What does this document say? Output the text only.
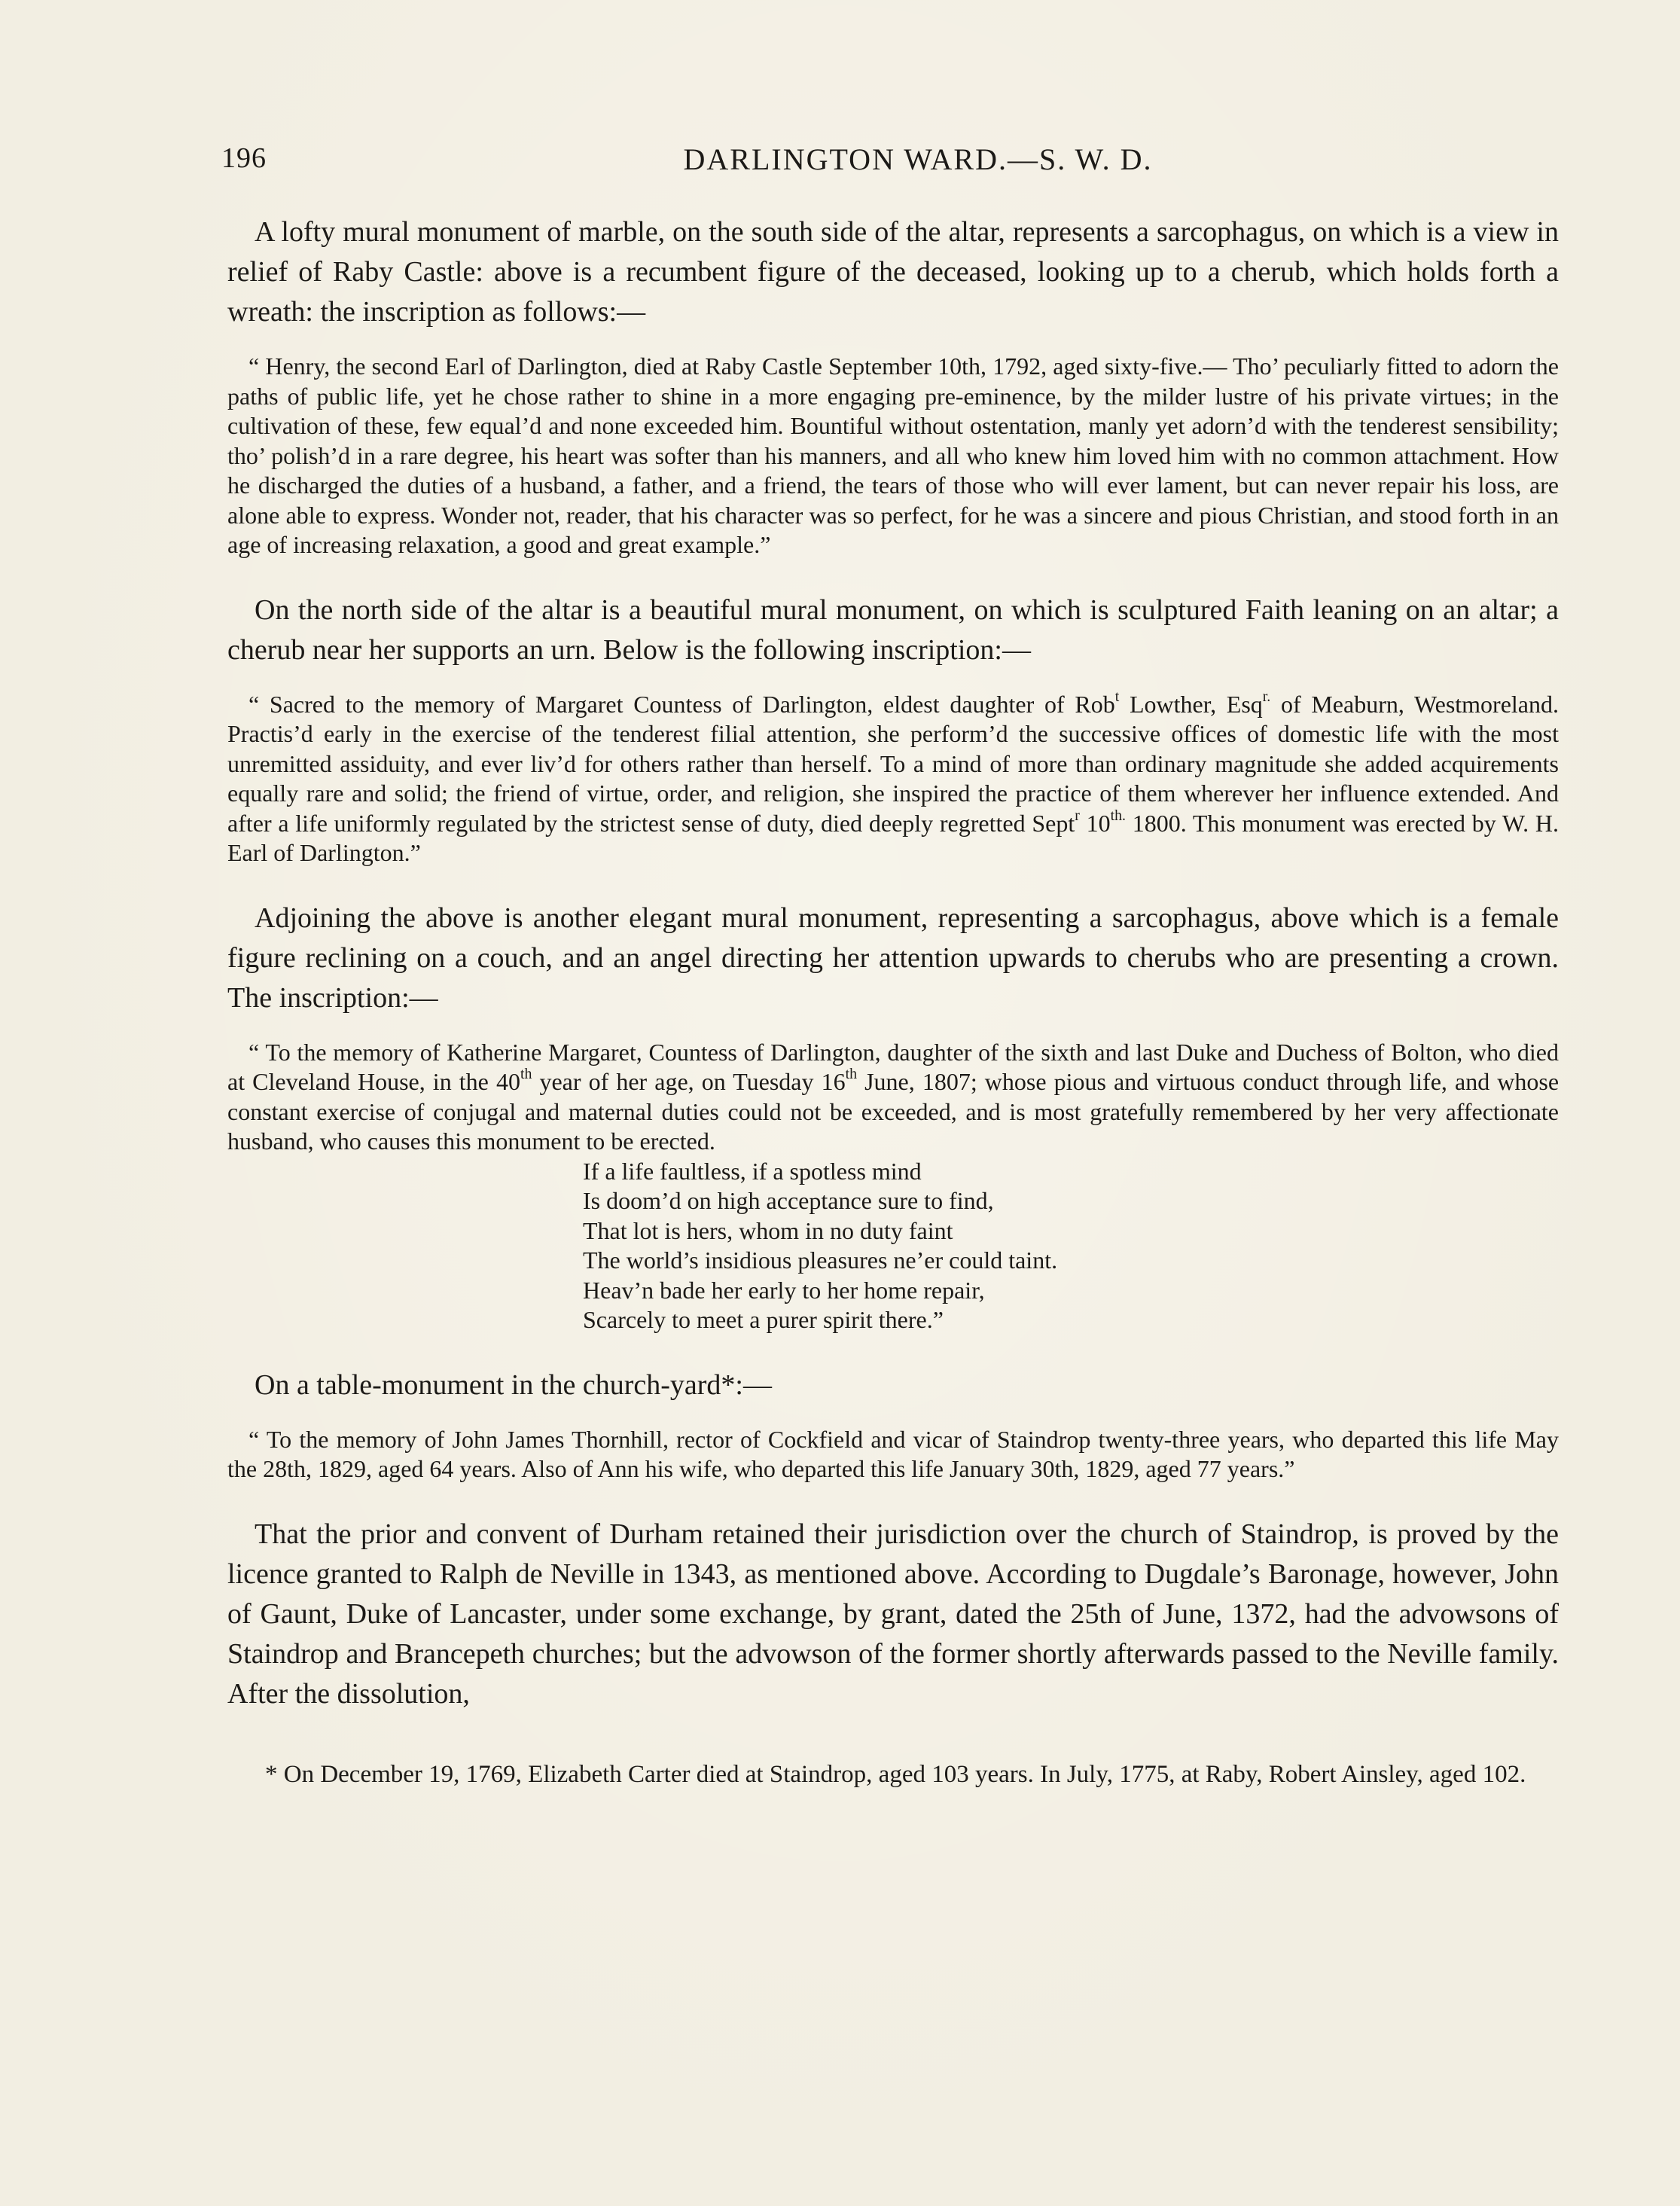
196	DARLINGTON WARD.—S. W. D.

A lofty mural monument of marble, on the south side of the altar, represents a sarcophagus, on which is a view in relief of Raby Castle: above is a recumbent figure of the deceased, looking up to a cherub, which holds forth a wreath: the inscription as follows:—

“ Henry, the second Earl of Darlington, died at Raby Castle September 10th, 1792, aged sixty-five.— Tho’ peculiarly fitted to adorn the paths of public life, yet he chose rather to shine in a more engaging pre-eminence, by the milder lustre of his private virtues; in the cultivation of these, few equal’d and none exceeded him. Bountiful without ostentation, manly yet adorn’d with the tenderest sensibility; tho’ polish’d in a rare degree, his heart was softer than his manners, and all who knew him loved him with no common attachment. How he discharged the duties of a husband, a father, and a friend, the tears of those who will ever lament, but can never repair his loss, are alone able to express. Wonder not, reader, that his character was so perfect, for he was a sincere and pious Christian, and stood forth in an age of increasing relaxation, a good and great example.”

On the north side of the altar is a beautiful mural monument, on which is sculptured Faith leaning on an altar; a cherub near her supports an urn. Below is the following inscription:—

“ Sacred to the memory of Margaret Countess of Darlington, eldest daughter of Rob$^t$ Lowther, Esq$^{r.}$ of Meaburn, Westmoreland. Practis’d early in the exercise of the tenderest filial attention, she perform’d the successive offices of domestic life with the most unremitted assiduity, and ever liv’d for others rather than herself. To a mind of more than ordinary magnitude she added acquirements equally rare and solid; the friend of virtue, order, and religion, she inspired the practice of them wherever her influence extended. And after a life uniformly regulated by the strictest sense of duty, died deeply regretted Sept$^r$ $10^{th.}$ 1800. This monument was erected by W. H. Earl of Darlington.”

Adjoining the above is another elegant mural monument, representing a sarcophagus, above which is a female figure reclining on a couch, and an angel directing her attention upwards to cherubs who are presenting a crown. The inscription:—

“ To the memory of Katherine Margaret, Countess of Darlington, daughter of the sixth and last Duke and Duchess of Bolton, who died at Cleveland House, in the 40th year of her age, on Tuesday 16th June, 1807; whose pious and virtuous conduct through life, and whose constant exercise of conjugal and maternal duties could not be exceeded, and is most gratefully remembered by her very affectionate husband, who causes this monument to be erected.

If a life faultless, if a spotless mind
Is doom’d on high acceptance sure to find,
That lot is hers, whom in no duty faint
The world’s insidious pleasures ne’er could taint.
Heav’n bade her early to her home repair,
Scarcely to meet a purer spirit there.”

On a table-monument in the church-yard*:—

“ To the memory of John James Thornhill, rector of Cockfield and vicar of Staindrop twenty-three years, who departed this life May the 28th, 1829, aged 64 years. Also of Ann his wife, who departed this life January 30th, 1829, aged 77 years.”

That the prior and convent of Durham retained their jurisdiction over the church of Staindrop, is proved by the licence granted to Ralph de Neville in 1343, as mentioned above. According to Dugdale’s Baronage, however, John of Gaunt, Duke of Lancaster, under some exchange, by grant, dated the 25th of June, 1372, had the advowsons of Staindrop and Brancepeth churches; but the advowson of the former shortly afterwards passed to the Neville family. After the dissolution,

* On December 19, 1769, Elizabeth Carter died at Staindrop, aged 103 years. In July, 1775, at Raby, Robert Ainsley, aged 102.
